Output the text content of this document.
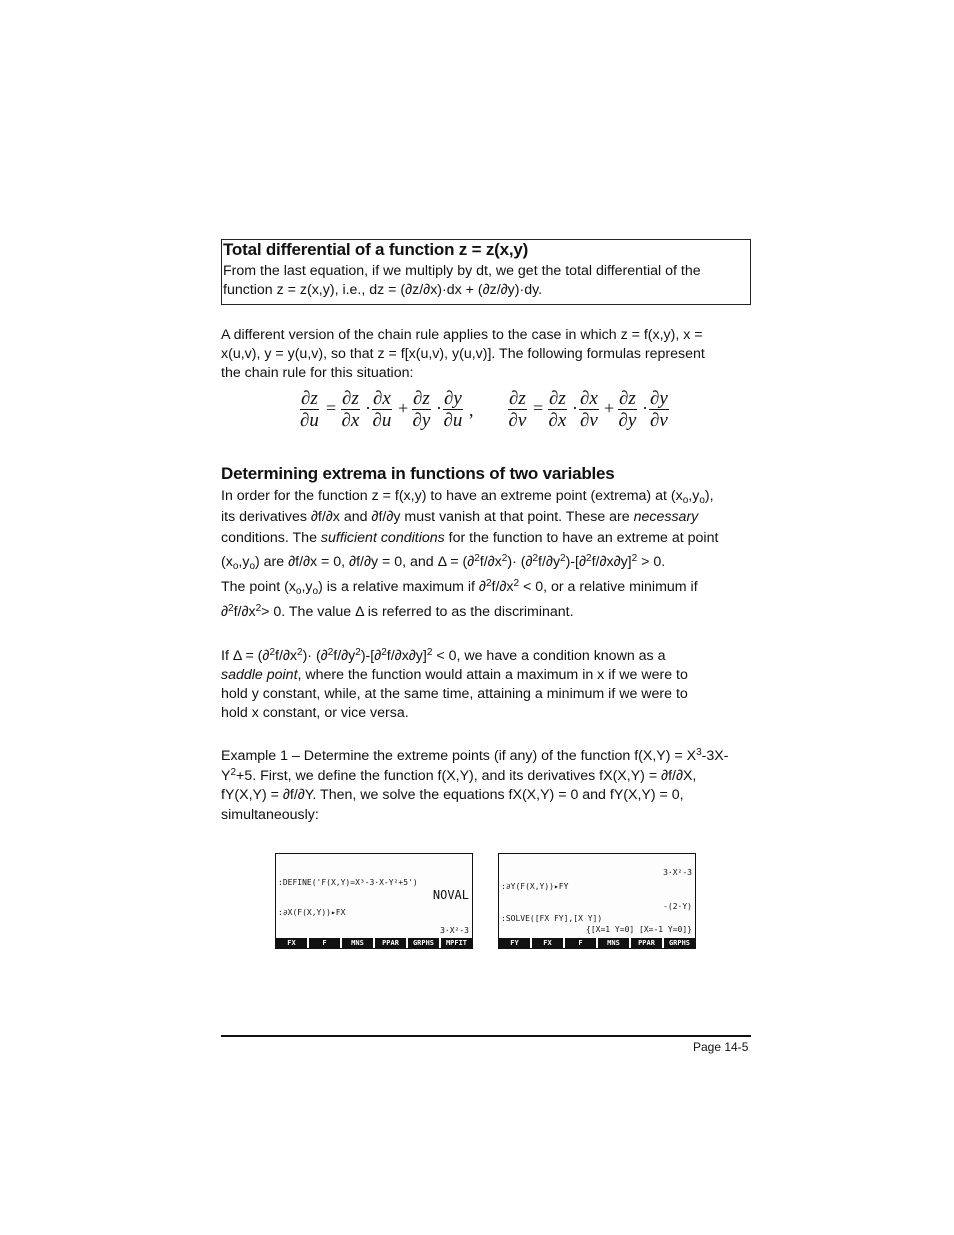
Total differential of a function z = z(x,y)
From the last equation, if we multiply by dt, we get the total differential of the
function z = z(x,y), i.e., dz = (∂z/∂x)·dx + (∂z/∂y)·dy.
A different version of the chain rule applies to the case in which z = f(x,y), x =
x(u,v), y = y(u,v), so that z = f[x(u,v), y(u,v)]. The following formulas represent
the chain rule for this situation:
$\frac{\partial z}{\partial u} = \frac{\partial z}{\partial x} \cdot \frac{\partial x}{\partial u} + \frac{\partial z}{\partial y} \cdot \frac{\partial y}{\partial u}$ , $\frac{\partial z}{\partial v} = \frac{\partial z}{\partial x} \cdot \frac{\partial x}{\partial v} + \frac{\partial z}{\partial y} \cdot \frac{\partial y}{\partial v}$
Determining extrema in functions of two variables
In order for the function z = f(x,y) to have an extreme point (extrema) at $(x_o,y_o)$,
its derivatives ∂f/∂x and ∂f/∂y must vanish at that point. These are necessary
conditions. The sufficient conditions for the function to have an extreme at point
$(x_o,y_o)$ are ∂f/∂x = 0, ∂f/∂y = 0, and $\Delta = (\partial^2f/\partial x^2)\cdot (\partial^2f/\partial y^2)-[\partial^2f/\partial x\partial y]^2 > 0$.
The point $(x_o,y_o)$ is a relative maximum if $\partial^2f/\partial x^2 < 0$, or a relative minimum if
$\partial^2f/\partial x^2> 0$. The value Δ is referred to as the discriminant.
If $\Delta = (\partial^2f/\partial x^2)\cdot (\partial^2f/\partial y^2)-[\partial^2f/\partial x\partial y]^2 < 0$, we have a condition known as a
saddle point, where the function would attain a maximum in x if we were to
hold y constant, while, at the same time, attaining a minimum if we were to
hold x constant, or vice versa.
Example 1 – Determine the extreme points (if any) of the function $f(X,Y) = X^3-3X-$
$Y^2+5$. First, we define the function f(X,Y), and its derivatives fX(X,Y) = ∂f/∂X,
fY(X,Y) = ∂f/∂Y. Then, we solve the equations fX(X,Y) = 0 and fY(X,Y) = 0,
simultaneously:
:DEFINE('F(X,Y)=X³-3·X-Y²+5')
NOVAL
:∂X(F(X,Y))▸FX
3·X²-3
FX	F	MNS	PPAR	GRPHS	MPFIT
:∂Y(F(X,Y))▸FY
3·X²-3
-(2·Y)
:SOLVE([FX FY],[X Y])
{[X=1 Y=0] [X=-1 Y=0]}
FY	FX	F	MNS	PPAR	GRPHS
Page 14-5
